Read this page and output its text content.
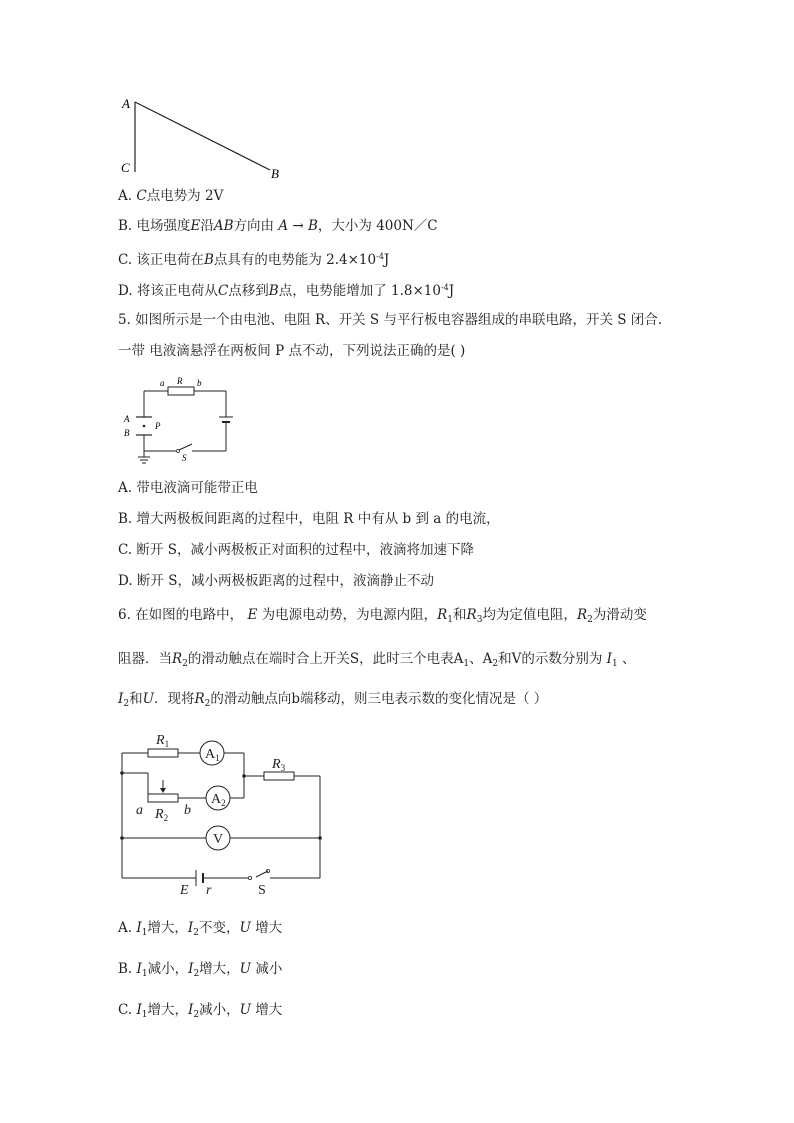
A
C	B
A. C点电势为 2V
B. 电场强度E沿AB方向由 A → B，大小为 400N／C
C. 该正电荷在B点具有的电势能为 $2.4\times 10^{-4}J$
D. 将该正电荷从C点移到B点，电势能增加了 $1.8\times 10^{-4}J$
5. 如图所示是一个由电池、电阻 R、开关 S 与平行板电容器组成的串联电路，开关 S 闭合.
一带 电液滴悬浮在两板间 P 点不动，下列说法正确的是( )
a R b
A
B
P
S
A. 带电液滴可能带正电
B. 增大两极板间距离的过程中，电阻 R 中有从 b 到 a 的电流，
C. 断开 S，减小两极板正对面积的过程中，液滴将加速下降
D. 断开 S，减小两极板距离的过程中，液滴静止不动
6. 在如图的电路中， E 为电源电动势，为电源内阻，$R_1$和$R_3$均为定值电阻，$R_2$为滑动变
阻器．当$R_2$的滑动触点在端时合上开关S，此时三个电表$A_1$、$A_2$和V的示数分别为 $I_1$ 、
$I_2$和U．现将$R_2$的滑动触点向b端移动，则三电表示数的变化情况是（ ）
$R_1$
$A_1$	$R_3$
a $R_2$ b
$A_2$
V
E r	S
A. $I_1$增大，$I_2$不变，U 增大
B. $I_1$减小，$I_2$增大，U 减小
C. $I_1$增大，$I_2$减小，U 增大
